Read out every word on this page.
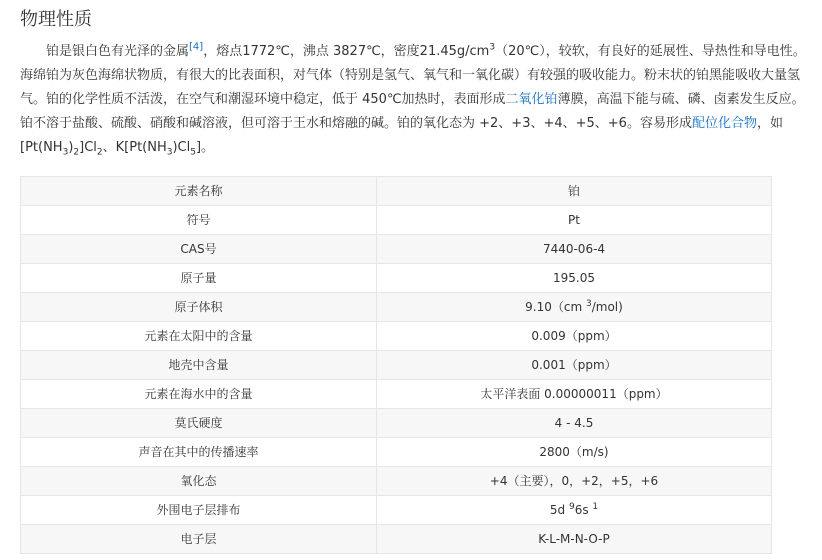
物理性质

铂是银白色有光泽的金属[4]，熔点1772℃，沸点 3827℃，密度$21.45g/cm^3(20℃)$，较软，有良好的延展性、导热性和导电性。海绵铂为灰色海绵状物质，有很大的比表面积，对气体（特别是氢气、氧气和一氧化碳）有较强的吸收能力。粉末状的铂黑能吸收大量氢气。铂的化学性质不活泼，在空气和潮湿环境中稳定，低于 450℃加热时，表面形成二氧化铂薄膜，高温下能与硫、磷、卤素发生反应。铂不溶于盐酸、硫酸、硝酸和碱溶液，但可溶于王水和熔融的碱。铂的氧化态为 +2、+3、+4、+5、+6。容易形成配位化合物，如$[Pt(NH_3)_2]Cl_2$、$K[Pt(NH_3)Cl_5]$。

元素名称	铂
符号	Pt
CAS号	7440-06-4
原子量	195.05
原子体积	9.10（cm $^3$/mol)
元素在太阳中的含量	0.009（ppm）
地壳中含量	0.001（ppm）
元素在海水中的含量	太平洋表面 0.00000011（ppm）
莫氏硬度	4 - 4.5
声音在其中的传播速率	2800（m/s)
氧化态	+4（主要），0，+2，+5，+6
外围电子层排布	5d $^9$6s $^1$
电子层	K-L-M-N-O-P
